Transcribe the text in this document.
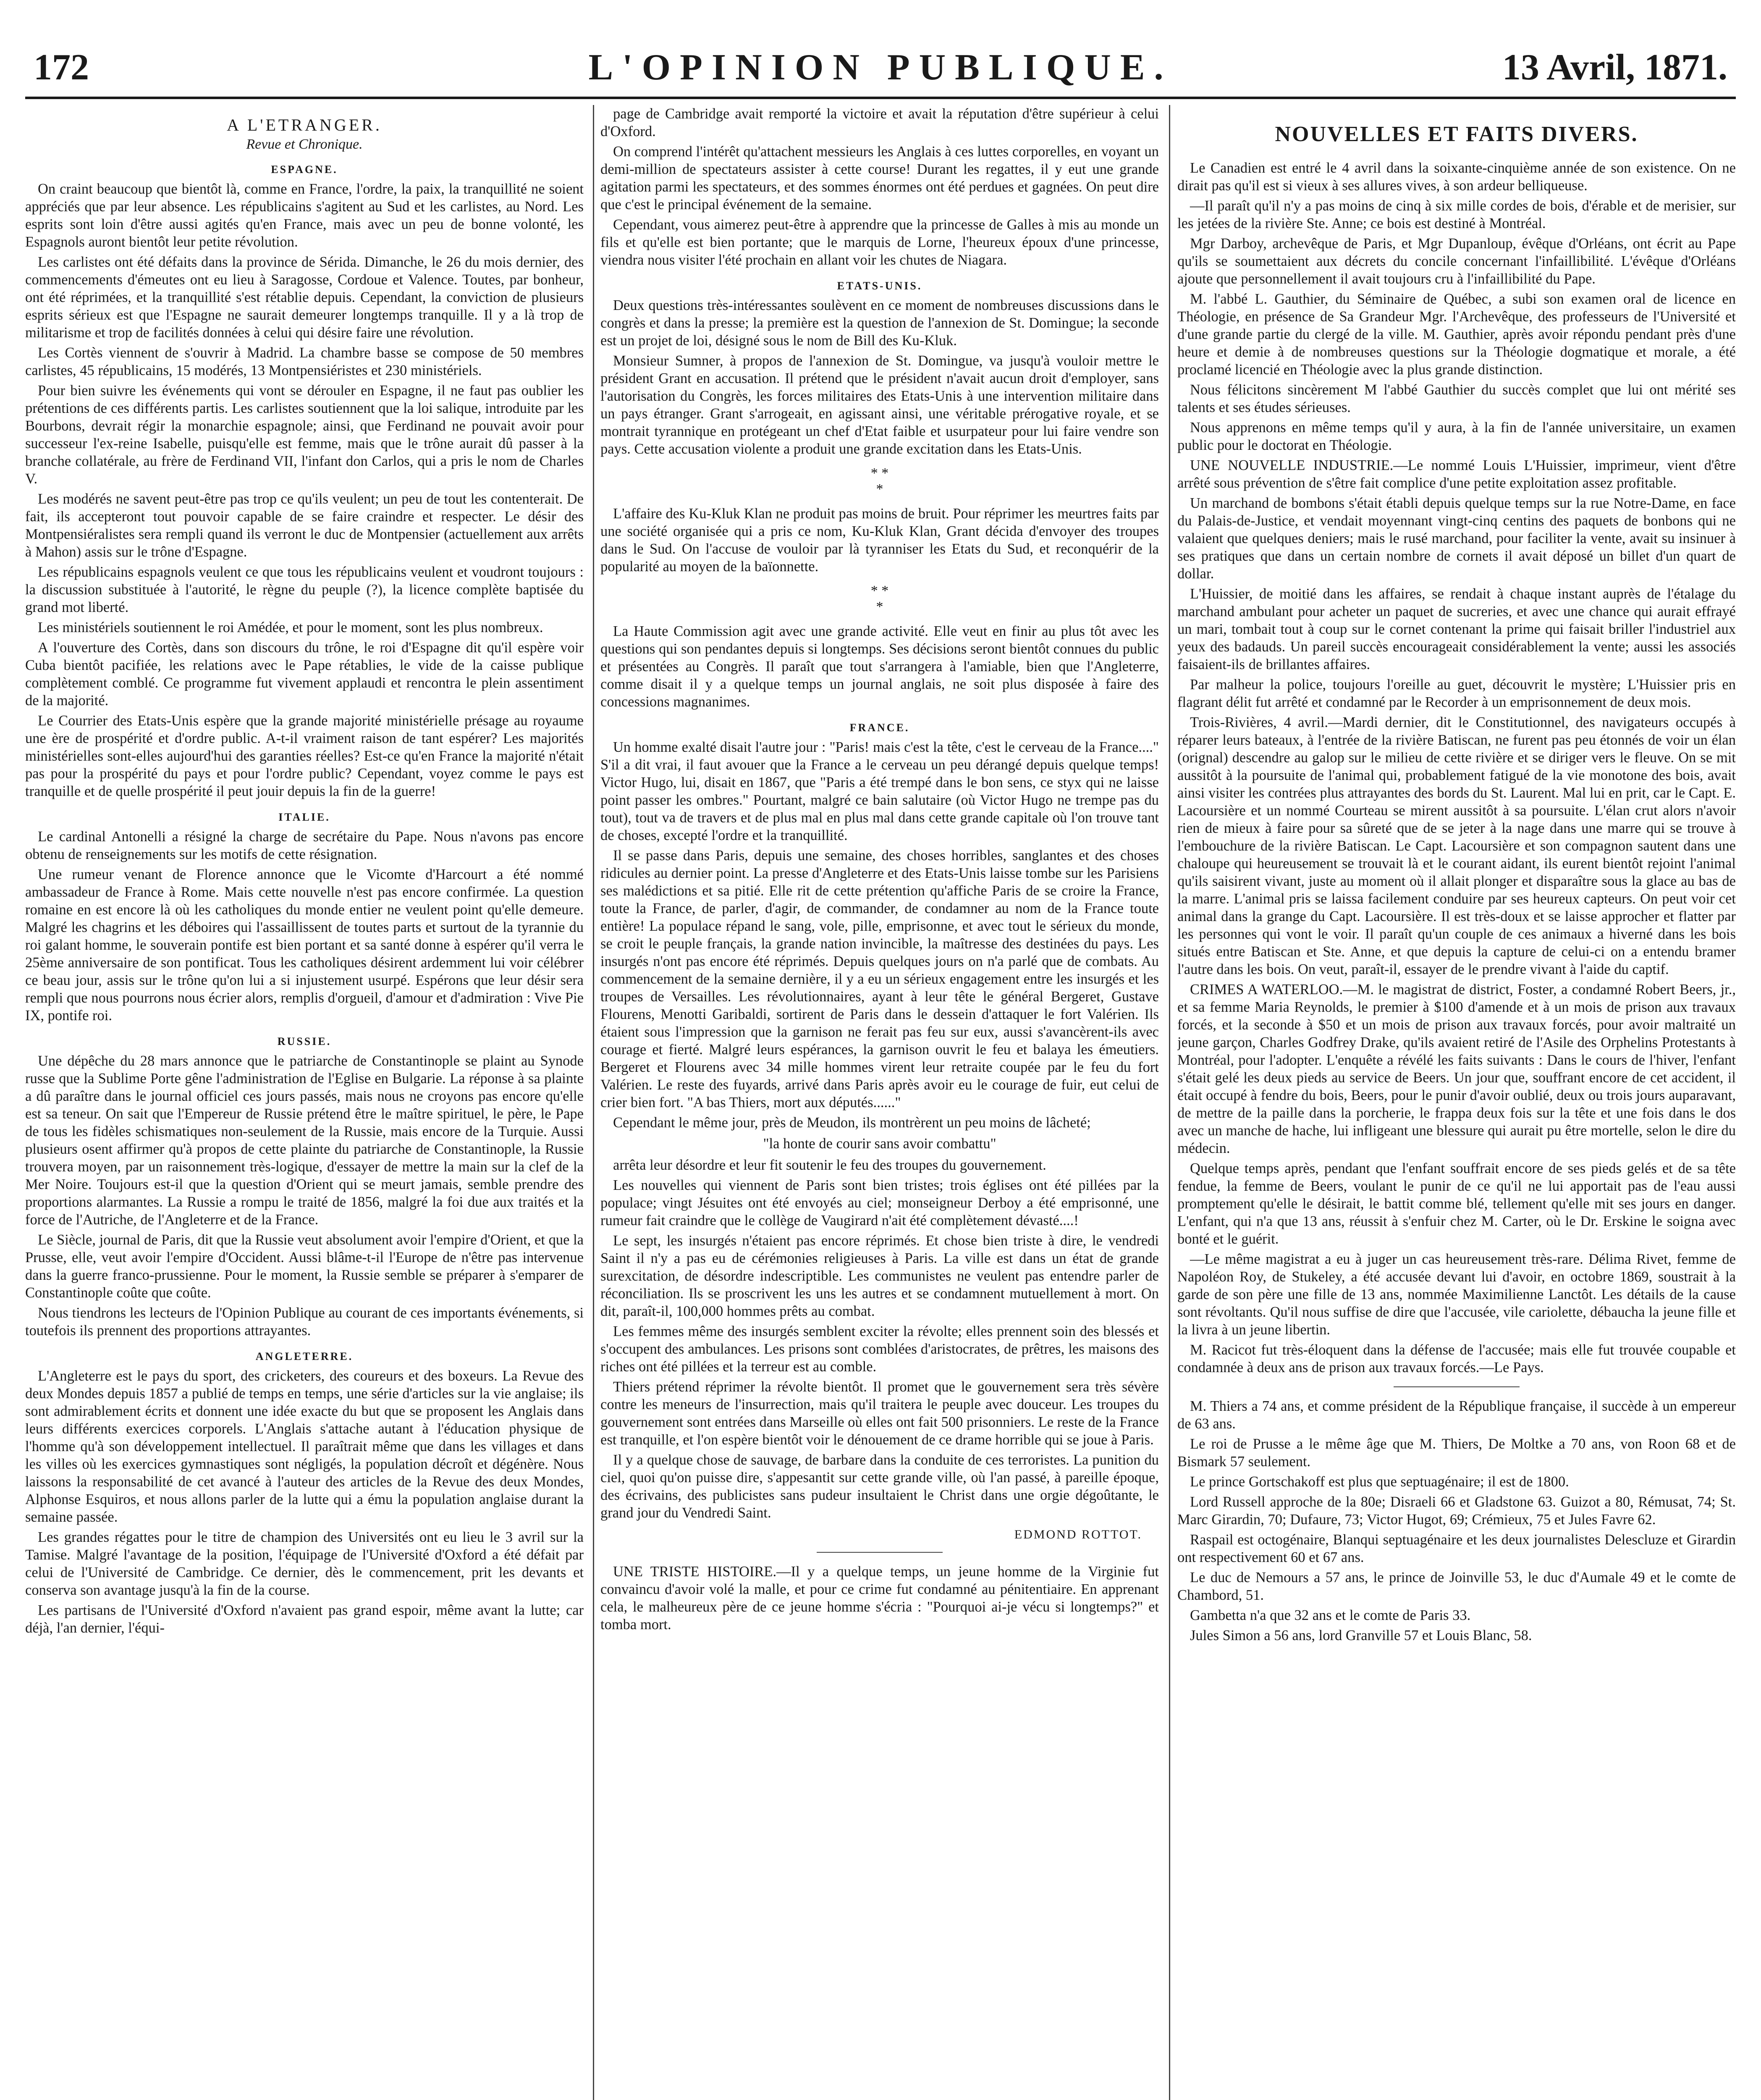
172	L'OPINION PUBLIQUE.	13 Avril, 1871.
A L'ETRANGER.
Revue et Chronique.
ESPAGNE.

On craint beaucoup que bientôt là, comme en France, l'ordre, la paix, la tranquillité ne soient appréciés que par leur absence. Les républicains s'agitent au Sud et les carlistes, au Nord. Les esprits sont loin d'être aussi agités qu'en France, mais avec un peu de bonne volonté, les Espagnols auront bientôt leur petite révolution.

Les carlistes ont été défaits dans la province de Sérida. Dimanche, le 26 du mois dernier, des commencements d'émeutes ont eu lieu à Saragosse, Cordoue et Valence. Toutes, par bonheur, ont été réprimées, et la tranquillité s'est rétablie depuis. Cependant, la conviction de plusieurs esprits sérieux est que l'Espagne ne saurait demeurer longtemps tranquille. Il y a là trop de militarisme et trop de facilités données à celui qui désire faire une révolution.

Les Cortès viennent de s'ouvrir à Madrid. La chambre basse se compose de 50 membres carlistes, 45 républicains, 15 modérés, 13 Montpensiéristes et 230 ministériels.

Pour bien suivre les événements qui vont se dérouler en Espagne, il ne faut pas oublier les prétentions de ces différents partis. Les carlistes soutiennent que la loi salique, introduite par les Bourbons, devrait régir la monarchie espagnole; ainsi, que Ferdinand ne pouvait avoir pour successeur l'ex-reine Isabelle, puisqu'elle est femme, mais que le trône aurait dû passer à la branche collatérale, au frère de Ferdinand VII, l'infant don Carlos, qui a pris le nom de Charles V.

Les modérés ne savent peut-être pas trop ce qu'ils veulent; un peu de tout les contenterait. De fait, ils accepteront tout pouvoir capable de se faire craindre et respecter. Le désir des Montpensiéralistes sera rempli quand ils verront le duc de Montpensier (actuellement aux arrêts à Mahon) assis sur le trône d'Espagne.

Les républicains espagnols veulent ce que tous les républicains veulent et voudront toujours : la discussion substituée à l'autorité, le règne du peuple (?), la licence complète baptisée du grand mot liberté.

Les ministériels soutiennent le roi Amédée, et pour le moment, sont les plus nombreux.

A l'ouverture des Cortès, dans son discours du trône, le roi d'Espagne dit qu'il espère voir Cuba bientôt pacifiée, les relations avec le Pape rétablies, le vide de la caisse publique complètement comblé. Ce programme fut vivement applaudi et rencontra le plein assentiment de la majorité.

Le Courrier des Etats-Unis espère que la grande majorité ministérielle présage au royaume une ère de prospérité et d'ordre public. A-t-il vraiment raison de tant espérer? Les majorités ministérielles sont-elles aujourd'hui des garanties réelles? Est-ce qu'en France la majorité n'était pas pour la prospérité du pays et pour l'ordre public? Cependant, voyez comme le pays est tranquille et de quelle prospérité il peut jouir depuis la fin de la guerre!

ITALIE.

Le cardinal Antonelli a résigné la charge de secrétaire du Pape. Nous n'avons pas encore obtenu de renseignements sur les motifs de cette résignation.

Une rumeur venant de Florence annonce que le Vicomte d'Harcourt a été nommé ambassadeur de France à Rome. Mais cette nouvelle n'est pas encore confirmée. La question romaine en est encore là où les catholiques du monde entier ne veulent point qu'elle demeure. Malgré les chagrins et les déboires qui l'assaillissent de toutes parts et surtout de la tyrannie du roi galant homme, le souverain pontife est bien portant et sa santé donne à espérer qu'il verra le 25ème anniversaire de son pontificat. Tous les catholiques désirent ardemment lui voir célébrer ce beau jour, assis sur le trône qu'on lui a si injustement usurpé. Espérons que leur désir sera rempli que nous pourrons nous écrier alors, remplis d'orgueil, d'amour et d'admiration : Vive Pie IX, pontife roi.

RUSSIE.

Une dépêche du 28 mars annonce que le patriarche de Constantinople se plaint au Synode russe que la Sublime Porte gêne l'administration de l'Eglise en Bulgarie. La réponse à sa plainte a dû paraître dans le journal officiel ces jours passés, mais nous ne croyons pas encore qu'elle est sa teneur. On sait que l'Empereur de Russie prétend être le maître spirituel, le père, le Pape de tous les fidèles schismatiques non-seulement de la Russie, mais encore de la Turquie. Aussi plusieurs osent affirmer qu'à propos de cette plainte du patriarche de Constantinople, la Russie trouvera moyen, par un raisonnement très-logique, d'essayer de mettre la main sur la clef de la Mer Noire. Toujours est-il que la question d'Orient qui se meurt jamais, semble prendre des proportions alarmantes. La Russie a rompu le traité de 1856, malgré la foi due aux traités et la force de l'Autriche, de l'Angleterre et de la France.

Le Siècle, journal de Paris, dit que la Russie veut absolument avoir l'empire d'Orient, et que la Prusse, elle, veut avoir l'empire d'Occident. Aussi blâme-t-il l'Europe de n'être pas intervenue dans la guerre franco-prussienne. Pour le moment, la Russie semble se préparer à s'emparer de Constantinople coûte que coûte.

Nous tiendrons les lecteurs de l'Opinion Publique au courant de ces importants événements, si toutefois ils prennent des proportions attrayantes.

ANGLETERRE.

L'Angleterre est le pays du sport, des cricketers, des coureurs et des boxeurs. La Revue des deux Mondes depuis 1857 a publié de temps en temps, une série d'articles sur la vie anglaise; ils sont admirablement écrits et donnent une idée exacte du but que se proposent les Anglais dans leurs différents exercices corporels. L'Anglais s'attache autant à l'éducation physique de l'homme qu'à son développement intellectuel. Il paraîtrait même que dans les villages et dans les villes où les exercices gymnastiques sont négligés, la population décroît et dégénère. Nous laissons la responsabilité de cet avancé à l'auteur des articles de la Revue des deux Mondes, Alphonse Esquiros, et nous allons parler de la lutte qui a ému la population anglaise durant la semaine passée.

Les grandes régattes pour le titre de champion des Universités ont eu lieu le 3 avril sur la Tamise. Malgré l'avantage de la position, l'équipage de l'Université d'Oxford a été défait par celui de l'Université de Cambridge. Ce dernier, dès le commencement, prit les devants et conserva son avantage jusqu'à la fin de la course.

Les partisans de l'Université d'Oxford n'avaient pas grand espoir, même avant la lutte; car déjà, l'an dernier, l'équi-

page de Cambridge avait remporté la victoire et avait la réputation d'être supérieur à celui d'Oxford.

On comprend l'intérêt qu'attachent messieurs les Anglais à ces luttes corporelles, en voyant un demi-million de spectateurs assister à cette course! Durant les regattes, il y eut une grande agitation parmi les spectateurs, et des sommes énormes ont été perdues et gagnées. On peut dire que c'est le principal événement de la semaine.

Cependant, vous aimerez peut-être à apprendre que la princesse de Galles à mis au monde un fils et qu'elle est bien portante; que le marquis de Lorne, l'heureux époux d'une princesse, viendra nous visiter l'été prochain en allant voir les chutes de Niagara.

ETATS-UNIS.

Deux questions très-intéressantes soulèvent en ce moment de nombreuses discussions dans le congrès et dans la presse; la première est la question de l'annexion de St. Domingue; la seconde est un projet de loi, désigné sous le nom de Bill des Ku-Kluk.

Monsieur Sumner, à propos de l'annexion de St. Domingue, va jusqu'à vouloir mettre le président Grant en accusation. Il prétend que le président n'avait aucun droit d'employer, sans l'autorisation du Congrès, les forces militaires des Etats-Unis à une intervention militaire dans un pays étranger. Grant s'arrogeait, en agissant ainsi, une véritable prérogative royale, et se montrait tyrannique en protégeant un chef d'Etat faible et usurpateur pour lui faire vendre son pays. Cette accusation violente a produit une grande excitation dans les Etats-Unis.

* *
*

L'affaire des Ku-Kluk Klan ne produit pas moins de bruit. Pour réprimer les meurtres faits par une société organisée qui a pris ce nom, Ku-Kluk Klan, Grant décida d'envoyer des troupes dans le Sud. On l'accuse de vouloir par là tyranniser les Etats du Sud, et reconquérir de la popularité au moyen de la baïonnette.

* *
*

La Haute Commission agit avec une grande activité. Elle veut en finir au plus tôt avec les questions qui son pendantes depuis si longtemps. Ses décisions seront bientôt connues du public et présentées au Congrès. Il paraît que tout s'arrangera à l'amiable, bien que l'Angleterre, comme disait il y a quelque temps un journal anglais, ne soit plus disposée à faire des concessions magnanimes.

FRANCE.

Un homme exalté disait l'autre jour : "Paris! mais c'est la tête, c'est le cerveau de la France...." S'il a dit vrai, il faut avouer que la France a le cerveau un peu dérangé depuis quelque temps! Victor Hugo, lui, disait en 1867, que "Paris a été trempé dans le bon sens, ce styx qui ne laisse point passer les ombres." Pourtant, malgré ce bain salutaire (où Victor Hugo ne trempe pas du tout), tout va de travers et de plus mal en plus mal dans cette grande capitale où l'on trouve tant de choses, excepté l'ordre et la tranquillité.

Il se passe dans Paris, depuis une semaine, des choses horribles, sanglantes et des choses ridicules au dernier point. La presse d'Angleterre et des Etats-Unis laisse tombe sur les Parisiens ses malédictions et sa pitié. Elle rit de cette prétention qu'affiche Paris de se croire la France, toute la France, de parler, d'agir, de commander, de condamner au nom de la France toute entière! La populace répand le sang, vole, pille, emprisonne, et avec tout le sérieux du monde, se croit le peuple français, la grande nation invincible, la maîtresse des destinées du pays. Les insurgés n'ont pas encore été réprimés. Depuis quelques jours on n'a parlé que de combats. Au commencement de la semaine dernière, il y a eu un sérieux engagement entre les insurgés et les troupes de Versailles. Les révolutionnaires, ayant à leur tête le général Bergeret, Gustave Flourens, Menotti Garibaldi, sortirent de Paris dans le dessein d'attaquer le fort Valérien. Ils étaient sous l'impression que la garnison ne ferait pas feu sur eux, aussi s'avancèrent-ils avec courage et fierté. Malgré leurs espérances, la garnison ouvrit le feu et balaya les émeutiers. Bergeret et Flourens avec 34 mille hommes virent leur retraite coupée par le feu du fort Valérien. Le reste des fuyards, arrivé dans Paris après avoir eu le courage de fuir, eut celui de crier bien fort. "A bas Thiers, mort aux députés......"

Cependant le même jour, près de Meudon, ils montrèrent un peu moins de lâcheté;

"la honte de courir sans avoir combattu"

arrêta leur désordre et leur fit soutenir le feu des troupes du gouvernement.

Les nouvelles qui viennent de Paris sont bien tristes; trois églises ont été pillées par la populace; vingt Jésuites ont été envoyés au ciel; monseigneur Derboy a été emprisonné, une rumeur fait craindre que le collège de Vaugirard n'ait été complètement dévasté....!

Le sept, les insurgés n'étaient pas encore réprimés. Et chose bien triste à dire, le vendredi Saint il n'y a pas eu de cérémonies religieuses à Paris. La ville est dans un état de grande surexcitation, de désordre indescriptible. Les communistes ne veulent pas entendre parler de réconciliation. Ils se proscrivent les uns les autres et se condamnent mutuellement à mort. On dit, paraît-il, 100,000 hommes prêts au combat.

Les femmes même des insurgés semblent exciter la révolte; elles prennent soin des blessés et s'occupent des ambulances. Les prisons sont comblées d'aristocrates, de prêtres, les maisons des riches ont été pillées et la terreur est au comble.

Thiers prétend réprimer la révolte bientôt. Il promet que le gouvernement sera très sévère contre les meneurs de l'insurrection, mais qu'il traitera le peuple avec douceur. Les troupes du gouvernement sont entrées dans Marseille où elles ont fait 500 prisonniers. Le reste de la France est tranquille, et l'on espère bientôt voir le dénouement de ce drame horrible qui se joue à Paris.

Il y a quelque chose de sauvage, de barbare dans la conduite de ces terroristes. La punition du ciel, quoi qu'on puisse dire, s'appesantit sur cette grande ville, où l'an passé, à pareille époque, des écrivains, des publicistes sans pudeur insultaient le Christ dans une orgie dégoûtante, le grand jour du Vendredi Saint.

EDMOND ROTTOT.

UNE TRISTE HISTOIRE.—Il y a quelque temps, un jeune homme de la Virginie fut convaincu d'avoir volé la malle, et pour ce crime fut condamné au pénitentiaire. En apprenant cela, le malheureux père de ce jeune homme s'écria : "Pourquoi ai-je vécu si longtemps?" et tomba mort.

NOUVELLES ET FAITS DIVERS.

Le Canadien est entré le 4 avril dans la soixante-cinquième année de son existence. On ne dirait pas qu'il est si vieux à ses allures vives, à son ardeur belliqueuse.

—Il paraît qu'il n'y a pas moins de cinq à six mille cordes de bois, d'érable et de merisier, sur les jetées de la rivière Ste. Anne; ce bois est destiné à Montréal.

Mgr Darboy, archevêque de Paris, et Mgr Dupanloup, évêque d'Orléans, ont écrit au Pape qu'ils se soumettaient aux décrets du concile concernant l'infaillibilité. L'évêque d'Orléans ajoute que personnellement il avait toujours cru à l'infaillibilité du Pape.

M. l'abbé L. Gauthier, du Séminaire de Québec, a subi son examen oral de licence en Théologie, en présence de Sa Grandeur Mgr. l'Archevêque, des professeurs de l'Université et d'une grande partie du clergé de la ville. M. Gauthier, après avoir répondu pendant près d'une heure et demie à de nombreuses questions sur la Théologie dogmatique et morale, a été proclamé licencié en Théologie avec la plus grande distinction.

Nous félicitons sincèrement M l'abbé Gauthier du succès complet que lui ont mérité ses talents et ses études sérieuses.

Nous apprenons en même temps qu'il y aura, à la fin de l'année universitaire, un examen public pour le doctorat en Théologie.

UNE NOUVELLE INDUSTRIE.—Le nommé Louis L'Huissier, imprimeur, vient d'être arrêté sous prévention de s'être fait complice d'une petite exploitation assez profitable.

Un marchand de bombons s'était établi depuis quelque temps sur la rue Notre-Dame, en face du Palais-de-Justice, et vendait moyennant vingt-cinq centins des paquets de bonbons qui ne valaient que quelques deniers; mais le rusé marchand, pour faciliter la vente, avait su insinuer à ses pratiques que dans un certain nombre de cornets il avait déposé un billet d'un quart de dollar.

L'Huissier, de moitié dans les affaires, se rendait à chaque instant auprès de l'étalage du marchand ambulant pour acheter un paquet de sucreries, et avec une chance qui aurait effrayé un mari, tombait tout à coup sur le cornet contenant la prime qui faisait briller l'industriel aux yeux des badauds. Un pareil succès encourageait considérablement la vente; aussi les associés faisaient-ils de brillantes affaires.

Par malheur la police, toujours l'oreille au guet, découvrit le mystère; L'Huissier pris en flagrant délit fut arrêté et condamné par le Recorder à un emprisonnement de deux mois.

Trois-Rivières, 4 avril.—Mardi dernier, dit le Constitutionnel, des navigateurs occupés à réparer leurs bateaux, à l'entrée de la rivière Batiscan, ne furent pas peu étonnés de voir un élan (orignal) descendre au galop sur le milieu de cette rivière et se diriger vers le fleuve. On se mit aussitôt à la poursuite de l'animal qui, probablement fatigué de la vie monotone des bois, avait ainsi visiter les contrées plus attrayantes des bords du St. Laurent. Mal lui en prit, car le Capt. E. Lacoursière et un nommé Courteau se mirent aussitôt à sa poursuite. L'élan crut alors n'avoir rien de mieux à faire pour sa sûreté que de se jeter à la nage dans une marre qui se trouve à l'embouchure de la rivière Batiscan. Le Capt. Lacoursière et son compagnon sautent dans une chaloupe qui heureusement se trouvait là et le courant aidant, ils eurent bientôt rejoint l'animal qu'ils saisirent vivant, juste au moment où il allait plonger et disparaître sous la glace au bas de la marre. L'animal pris se laissa facilement conduire par ses heureux capteurs. On peut voir cet animal dans la grange du Capt. Lacoursière. Il est très-doux et se laisse approcher et flatter par les personnes qui vont le voir. Il paraît qu'un couple de ces animaux a hiverné dans les bois situés entre Batiscan et Ste. Anne, et que depuis la capture de celui-ci on a entendu bramer l'autre dans les bois. On veut, paraît-il, essayer de le prendre vivant à l'aide du captif.

CRIMES A WATERLOO.—M. le magistrat de district, Foster, a condamné Robert Beers, jr., et sa femme Maria Reynolds, le premier à $100 d'amende et à un mois de prison aux travaux forcés, et la seconde à $50 et un mois de prison aux travaux forcés, pour avoir maltraité un jeune garçon, Charles Godfrey Drake, qu'ils avaient retiré de l'Asile des Orphelins Protestants à Montréal, pour l'adopter. L'enquête a révélé les faits suivants : Dans le cours de l'hiver, l'enfant s'était gelé les deux pieds au service de Beers. Un jour que, souffrant encore de cet accident, il était occupé à fendre du bois, Beers, pour le punir d'avoir oublié, deux ou trois jours auparavant, de mettre de la paille dans la porcherie, le frappa deux fois sur la tête et une fois dans le dos avec un manche de hache, lui infligeant une blessure qui aurait pu être mortelle, selon le dire du médecin.

Quelque temps après, pendant que l'enfant souffrait encore de ses pieds gelés et de sa tête fendue, la femme de Beers, voulant le punir de ce qu'il ne lui apportait pas de l'eau aussi promptement qu'elle le désirait, le battit comme blé, tellement qu'elle mit ses jours en danger. L'enfant, qui n'a que 13 ans, réussit à s'enfuir chez M. Carter, où le Dr. Erskine le soigna avec bonté et le guérit.

—Le même magistrat a eu à juger un cas heureusement très-rare. Délima Rivet, femme de Napoléon Roy, de Stukeley, a été accusée devant lui d'avoir, en octobre 1869, soustrait à la garde de son père une fille de 13 ans, nommée Maximilienne Lanctôt. Les détails de la cause sont révoltants. Qu'il nous suffise de dire que l'accusée, vile cariolette, débaucha la jeune fille et la livra à un jeune libertin.

M. Racicot fut très-éloquent dans la défense de l'accusée; mais elle fut trouvée coupable et condamnée à deux ans de prison aux travaux forcés.—Le Pays.

M. Thiers a 74 ans, et comme président de la République française, il succède à un empereur de 63 ans.

Le roi de Prusse a le même âge que M. Thiers, De Moltke a 70 ans, von Roon 68 et de Bismark 57 seulement.

Le prince Gortschakoff est plus que septuagénaire; il est de 1800.

Lord Russell approche de la 80e; Disraeli 66 et Gladstone 63. Guizot a 80, Rémusat, 74; St. Marc Girardin, 70; Dufaure, 73; Victor Hugot, 69; Crémieux, 75 et Jules Favre 62.

Raspail est octogénaire, Blanqui septuagénaire et les deux journalistes Delescluze et Girardin ont respectivement 60 et 67 ans.

Le duc de Nemours a 57 ans, le prince de Joinville 53, le duc d'Aumale 49 et le comte de Chambord, 51.

Gambetta n'a que 32 ans et le comte de Paris 33.

Jules Simon a 56 ans, lord Granville 57 et Louis Blanc, 58.
